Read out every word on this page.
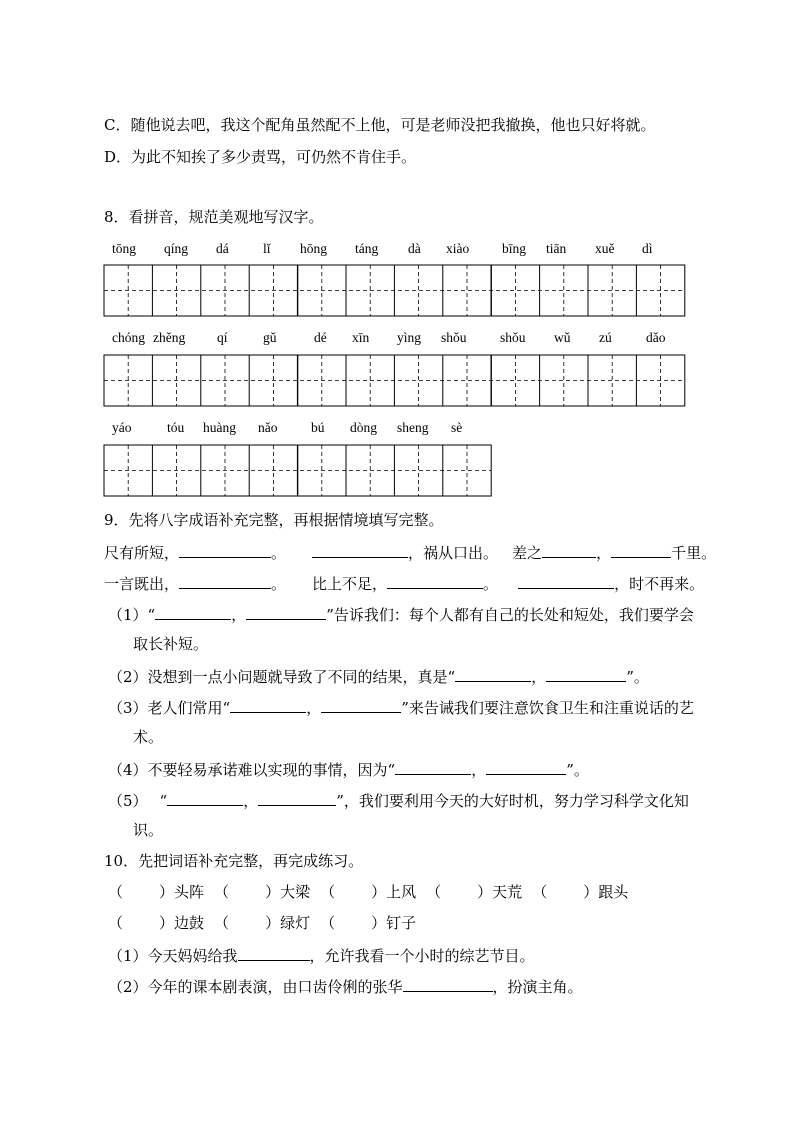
C．随他说去吧，我这个配角虽然配不上他，可是老师没把我撤换，他也只好将就。
D．为此不知挨了多少责骂，可仍然不肯住手。
8．看拼音，规范美观地写汉字。
tōng qíng dá	lǐ hōng táng dà xiào bīng tiān xuě dì
chóng zhěng qí	gǔ	dé xīn yìng shǒu shǒu wǔ zú	dǎo
yáo	tóu huàng nǎo bú dòng sheng sè
9．先将八字成语补充完整，再根据情境填写完整。
尺有所短，	。	，祸从口出。 差之	，	千里。
一言既出，	。 比上不足，	。	，时不再来。
（1）“	，	”告诉我们：每个人都有自己的长处和短处，我们要学会
取长补短。
（2）没想到一点小问题就导致了不同的结果，真是“	，	”。
（3）老人们常用“	，	”来告诫我们要注意饮食卫生和注重说话的艺
术。
（4）不要轻易承诺难以实现的事情，因为“	，	”。
（5） “	，	”，我们要利用今天的大好时机，努力学习科学文化知
识。
10．先把词语补充完整，再完成练习。
（ ）头阵 （ ）大梁 （ ）上风 （ ）天荒 （ ）跟头
（ ）边鼓 （ ）绿灯 （ ）钉子
（1）今天妈妈给我	，允许我看一个小时的综艺节目。
（2）今年的课本剧表演，由口齿伶俐的张华	，扮演主角。
